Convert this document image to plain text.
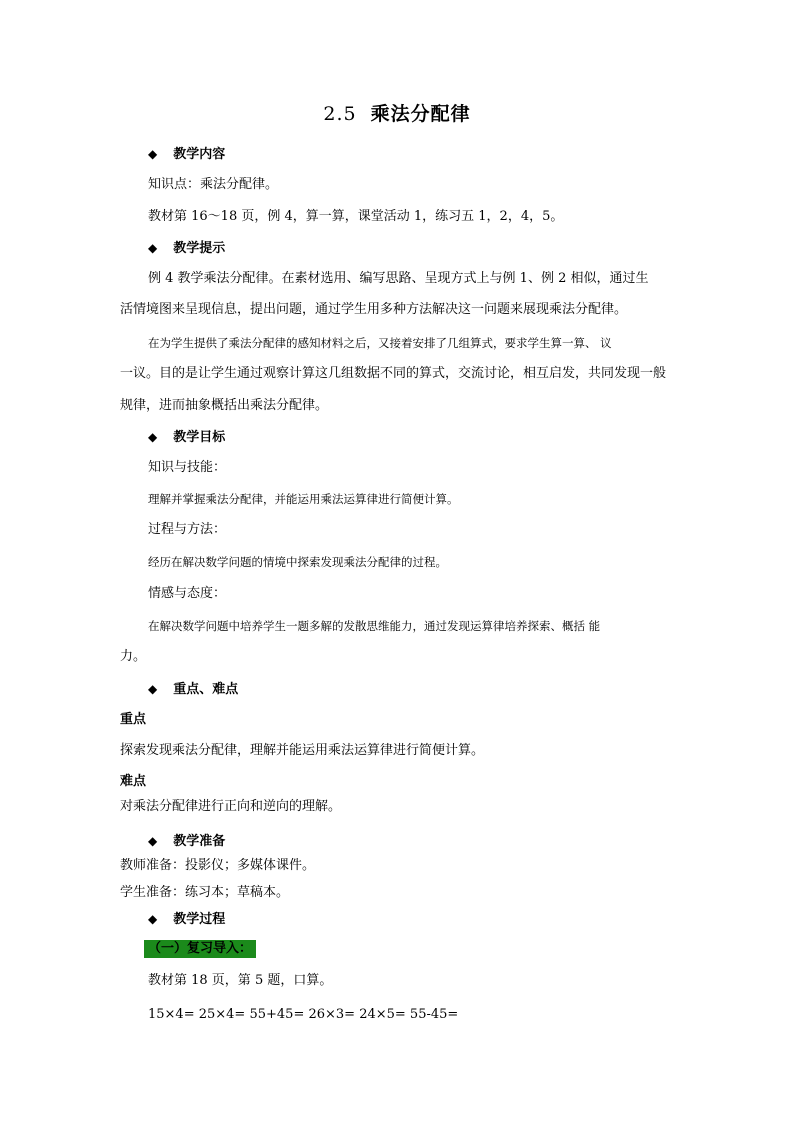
2.5 乘法分配律
◆ 教学内容
知识点：乘法分配律。
教材第 16～18 页，例 4，算一算，课堂活动 1，练习五 1，2，4，5。
◆ 教学提示
例 4 教学乘法分配律。在素材选用、编写思路、呈现方式上与例 1、例 2 相似，通过生
活情境图来呈现信息，提出问题，通过学生用多种方法解决这一问题来展现乘法分配律。
在为学生提供了乘法分配律的感知材料之后，又接着安排了几组算式，要求学生算一算、 议
一议。目的是让学生通过观察计算这几组数据不同的算式，交流讨论，相互启发，共同发现一般
规律，进而抽象概括出乘法分配律。
◆ 教学目标
知识与技能：
理解并掌握乘法分配律，并能运用乘法运算律进行简便计算。
过程与方法：
经历在解决数学问题的情境中探索发现乘法分配律的过程。
情感与态度：
在解决数学问题中培养学生一题多解的发散思维能力，通过发现运算律培养探索、概括 能
力。
◆ 重点、难点
重点
探索发现乘法分配律，理解并能运用乘法运算律进行简便计算。
难点
对乘法分配律进行正向和逆向的理解。
◆ 教学准备
教师准备：投影仪；多媒体课件。
学生准备：练习本；草稿本。
◆ 教学过程
（一）复习导入：
教材第 18 页，第 5 题，口算。
15×4= 25×4= 55+45= 26×3= 24×5= 55-45=
